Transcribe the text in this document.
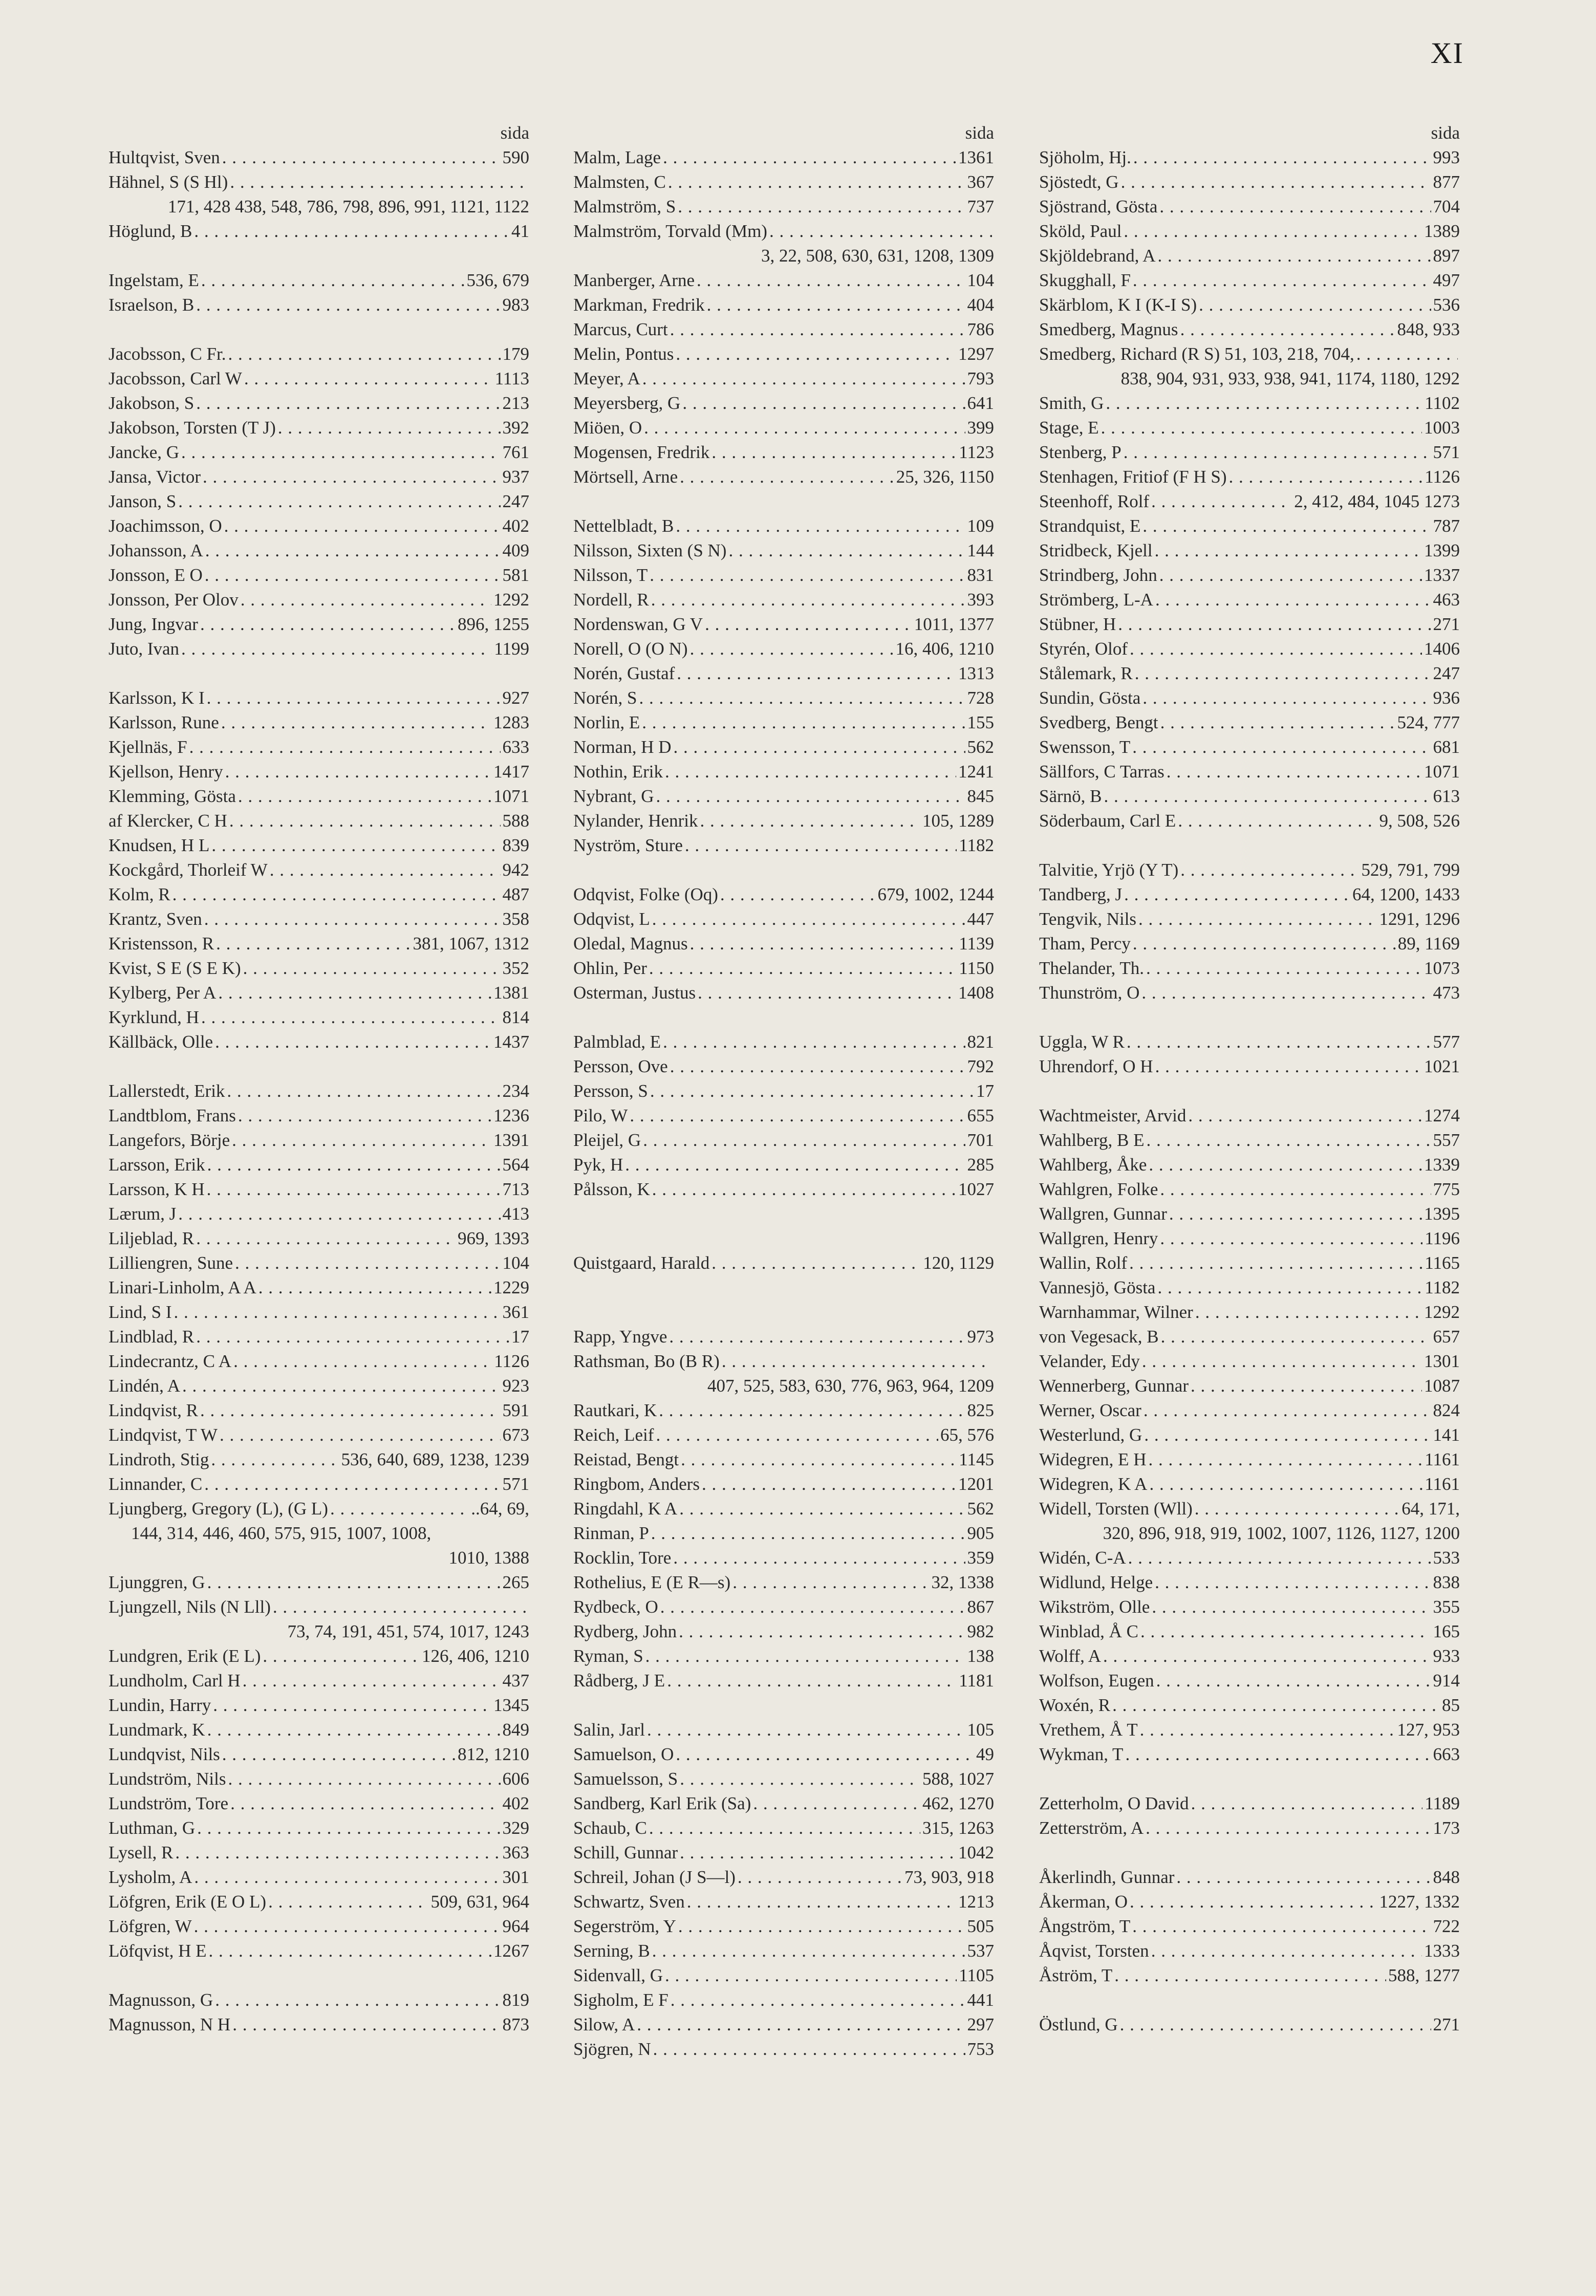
XI
sida
Hultqvist, Sven . . .	590
Hähnel, S (S Hl)
. . .
171, 428 438, 548, 786, 798, 896, 991, 1121, 1122
Höglund, B . . .	41
Ingelstam, E . . .	536, 679
Israelson, B . . .	983
Jacobsson, C Fr. . . .	179
Jacobsson, Carl W . . .	1113
Jakobson, S . . .	213
Jakobson, Torsten (T J) . . .	392
Jancke, G . . .	761
Jansa, Victor . . .	937
Janson, S . . .	247
Joachimsson, O . . .	402
Johansson, A . . .	409
Jonsson, E O . . .	581
Jonsson, Per Olov . . .	1292
Jung, Ingvar . . .	896, 1255
Juto, Ivan . . .	1199
Karlsson, K I . . .	927
Karlsson, Rune . . .	1283
Kjellnäs, F . . .	633
Kjellson, Henry . . .	1417
Klemming, Gösta . . .	1071
af Klercker, C H . . .	588
Knudsen, H L . . .	839
Kockgård, Thorleif W . . .	942
Kolm, R . . .	487
Krantz, Sven . . .	358
Kristensson, R . . .	381, 1067, 1312
Kvist, S E (S E K) . . .	352
Kylberg, Per A . . .	1381
Kyrklund, H . . .	814
Källbäck, Olle . . .	1437
Lallerstedt, Erik . . .	234
Landtblom, Frans . . .	1236
Langefors, Börje . . .	1391
Larsson, Erik . . .	564
Larsson, K H . . .	713
Lærum, J . . .	413
Liljeblad, R . . .	969, 1393
Lilliengren, Sune . . .	104
Linari-Linholm, A A . . .	1229
Lind, S I . . .	361
Lindblad, R . . .	17
Lindecrantz, C A . . .	1126
Lindén, A . . .	923
Lindqvist, R . . .	591
Lindqvist, T W . . .	673
Lindroth, Stig . . .	536, 640, 689, 1238, 1239
Linnander, C . . .	571
Ljungberg, Gregory (L), (G L) . . .	..64, 69,
144, 314, 446, 460, 575, 915, 1007, 1008,
1010, 1388
Ljunggren, G . . .	265
Ljungzell, Nils (N Lll)
. . .
73, 74, 191, 451, 574, 1017, 1243
Lundgren, Erik (E L) . . .	126, 406, 1210
Lundholm, Carl H . . .	437
Lundin, Harry . . .	1345
Lundmark, K . . .	849
Lundqvist, Nils . . .	812, 1210
Lundström, Nils . . .	606
Lundström, Tore . . .	402
Luthman, G . . .	329
Lysell, R . . .	363
Lysholm, A . . .	301
Löfgren, Erik (E O L) . . .	509, 631, 964
Löfgren, W . . .	964
Löfqvist, H E . . .	1267
Magnusson, G . . .	819
Magnusson, N H . . .	873
sida
Malm, Lage . . .	1361
Malmsten, C . . .	367
Malmström, S . . .	737
Malmström, Torvald (Mm)
. . .
3, 22, 508, 630, 631, 1208, 1309
Manberger, Arne . . .	104
Markman, Fredrik . . .	404
Marcus, Curt . . .	786
Melin, Pontus . . .	1297
Meyer, A . . .	793
Meyersberg, G . . .	641
Miöen, O . . .	399
Mogensen, Fredrik . . .	1123
Mörtsell, Arne . . .	25, 326, 1150
Nettelbladt, B . . .	109
Nilsson, Sixten (S N) . . .	144
Nilsson, T . . .	831
Nordell, R . . .	393
Nordenswan, G V . . .	1011, 1377
Norell, O (O N) . . .	16, 406, 1210
Norén, Gustaf . . .	1313
Norén, S . . .	728
Norlin, E . . .	155
Norman, H D . . .	562
Nothin, Erik . . .	1241
Nybrant, G . . .	845
Nylander, Henrik . . .	105, 1289
Nyström, Sture . . .	1182
Odqvist, Folke (Oq) . . .	679, 1002, 1244
Odqvist, L . . .	447
Oledal, Magnus . . .	1139
Ohlin, Per . . .	1150
Osterman, Justus . . .	1408
Palmblad, E . . .	821
Persson, Ove . . .	792
Persson, S . . .	17
Pilo, W . . .	655
Pleijel, G . . .	701
Pyk, H . . .	285
Pålsson, K . . .	1027
Quistgaard, Harald . . .	120, 1129
Rapp, Yngve . . .	973
Rathsman, Bo (B R)
. . .
407, 525, 583, 630, 776, 963, 964, 1209
Rautkari, K . . .	825
Reich, Leif . . .	65, 576
Reistad, Bengt . . .	1145
Ringbom, Anders . . .	1201
Ringdahl, K A . . .	562
Rinman, P . . .	905
Rocklin, Tore . . .	359
Rothelius, E (E R—s) . . .	32, 1338
Rydbeck, O . . .	867
Rydberg, John . . .	982
Ryman, S . . .	138
Rådberg, J E . . .	1181
Salin, Jarl . . .	105
Samuelson, O . . .	49
Samuelsson, S . . .	588, 1027
Sandberg, Karl Erik (Sa) . . .	462, 1270
Schaub, C . . .	315, 1263
Schill, Gunnar . . .	1042
Schreil, Johan (J S—l) . . .	73, 903, 918
Schwartz, Sven . . .	1213
Segerström, Y . . .	505
Serning, B . . .	537
Sidenvall, G . . .	1105
Sigholm, E F . . .	441
Silow, A . . .	297
Sjögren, N . . .	753
sida
Sjöholm, Hj. . . .	993
Sjöstedt, G . . .	877
Sjöstrand, Gösta . . .	704
Sköld, Paul . . .	1389
Skjöldebrand, A . . .	897
Skugghall, F . . .	497
Skärblom, K I (K-I S) . . .	536
Smedberg, Magnus . . .	848, 933
Smedberg, Richard (R S) 51, 103, 218, 704,
. . .
838, 904, 931, 933, 938, 941, 1174, 1180, 1292
Smith, G . . .	1102
Stage, E . . .	1003
Stenberg, P . . .	571
Stenhagen, Fritiof (F H S) . . .	1126
Steenhoff, Rolf . . .	2, 412, 484, 1045 1273
Strandquist, E . . .	787
Stridbeck, Kjell . . .	1399
Strindberg, John . . .	1337
Strömberg, L-A . . .	463
Stübner, H . . .	271
Styrén, Olof . . .	1406
Stålemark, R . . .	247
Sundin, Gösta . . .	936
Svedberg, Bengt . . .	524, 777
Swensson, T . . .	681
Sällfors, C Tarras . . .	1071
Särnö, B . . .	613
Söderbaum, Carl E . . .	9, 508, 526
Talvitie, Yrjö (Y T) . . .	529, 791, 799
Tandberg, J . . .	64, 1200, 1433
Tengvik, Nils . . .	1291, 1296
Tham, Percy . . .	89, 1169
Thelander, Th. . . .	1073
Thunström, O . . .	473
Uggla, W R . . .	577
Uhrendorf, O H . . .	1021
Wachtmeister, Arvid . . .	1274
Wahlberg, B E . . .	557
Wahlberg, Åke . . .	1339
Wahlgren, Folke . . .	775
Wallgren, Gunnar . . .	1395
Wallgren, Henry . . .	1196
Wallin, Rolf . . .	1165
Vannesjö, Gösta . . .	1182
Warnhammar, Wilner . . .	1292
von Vegesack, B . . .	657
Velander, Edy . . .	1301
Wennerberg, Gunnar . . .	1087
Werner, Oscar . . .	824
Westerlund, G . . .	141
Widegren, E H . . .	1161
Widegren, K A . . .	1161
Widell, Torsten (Wll) . . .	64, 171,
320, 896, 918, 919, 1002, 1007, 1126, 1127, 1200
Widén, C-A . . .	533
Widlund, Helge . . .	838
Wikström, Olle . . .	355
Winblad, Å C . . .	165
Wolff, A . . .	933
Wolfson, Eugen . . .	914
Woxén, R . . .	85
Vrethem, Å T . . .	127, 953
Wykman, T . . .	663
Zetterholm, O David . . .	1189
Zetterström, A . . .	173
Åkerlindh, Gunnar . . .	848
Åkerman, O . . .	1227, 1332
Ångström, T . . .	722
Åqvist, Torsten . . .	1333
Åström, T . . .	588, 1277
Östlund, G . . .	271
